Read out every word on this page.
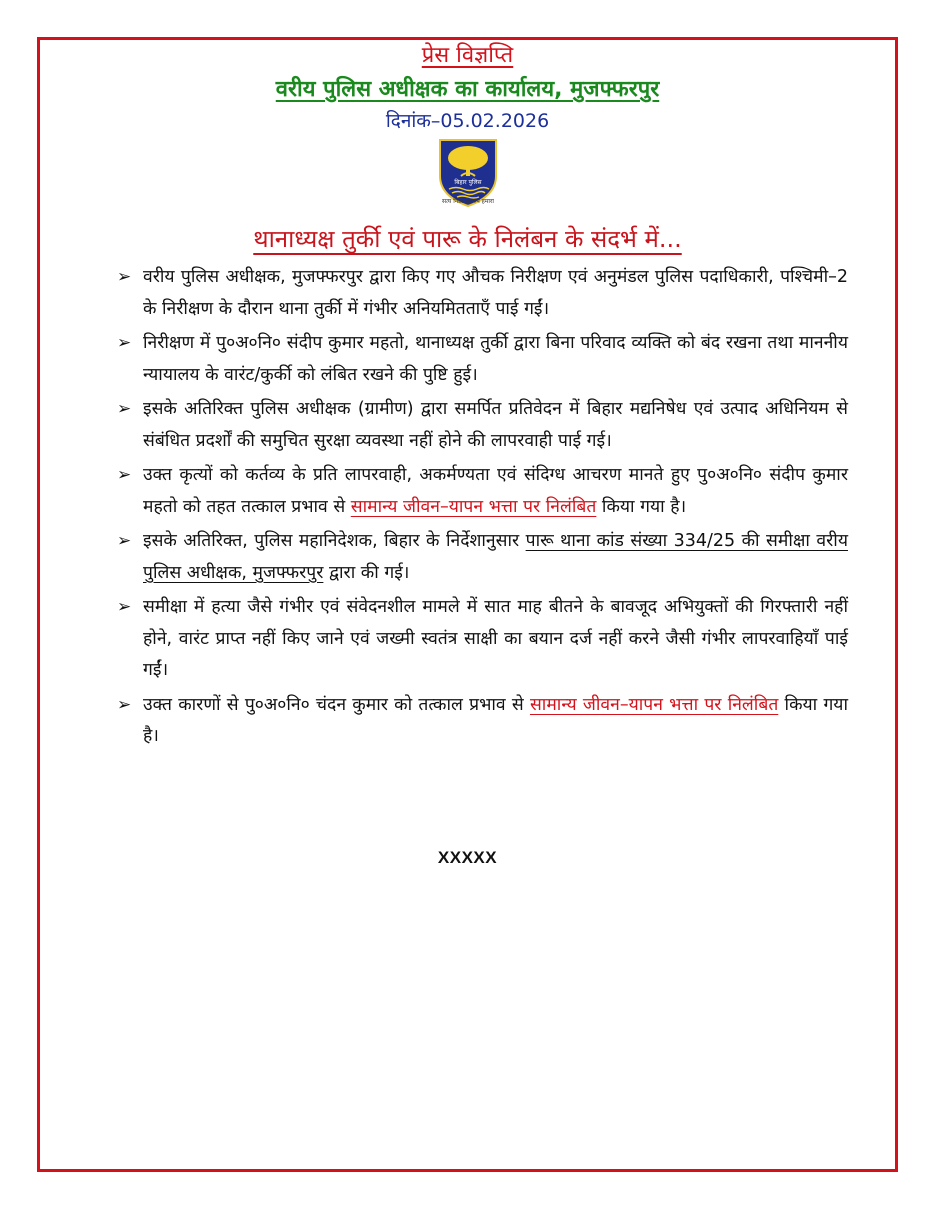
प्रेस विज्ञप्ति
वरीय पुलिस अधीक्षक का कार्यालय, मुजफ्फरपुर
दिनांक–05.02.2026
बिहार पुलिस
सत्य निष्ठा संकल्प हमारा
थानाध्यक्ष तुर्की एवं पारू के निलंबन के संदर्भ में...
➢ वरीय पुलिस अधीक्षक, मुजफ्फरपुर द्वारा किए गए औचक निरीक्षण एवं अनुमंडल पुलिस पदाधिकारी, पश्चिमी–2 के निरीक्षण के दौरान थाना तुर्की में गंभीर अनियमितताएँ पाई गईं।
➢ निरीक्षण में पु०अ०नि० संदीप कुमार महतो, थानाध्यक्ष तुर्की द्वारा बिना परिवाद व्यक्ति को बंद रखना तथा माननीय न्यायालय के वारंट/कुर्की को लंबित रखने की पुष्टि हुई।
➢ इसके अतिरिक्त पुलिस अधीक्षक (ग्रामीण) द्वारा समर्पित प्रतिवेदन में बिहार मद्यनिषेध एवं उत्पाद अधिनियम से संबंधित प्रदर्शों की समुचित सुरक्षा व्यवस्था नहीं होने की लापरवाही पाई गई।
➢ उक्त कृत्यों को कर्तव्य के प्रति लापरवाही, अकर्मण्यता एवं संदिग्ध आचरण मानते हुए पु०अ०नि० संदीप कुमार महतो को तहत तत्काल प्रभाव से सामान्य जीवन–यापन भत्ता पर निलंबित किया गया है।
➢ इसके अतिरिक्त, पुलिस महानिदेशक, बिहार के निर्देशानुसार पारू थाना कांड संख्या 334/25 की समीक्षा वरीय पुलिस अधीक्षक, मुजफ्फरपुर द्वारा की गई।
➢ समीक्षा में हत्या जैसे गंभीर एवं संवेदनशील मामले में सात माह बीतने के बावजूद अभियुक्तों की गिरफ्तारी नहीं होने, वारंट प्राप्त नहीं किए जाने एवं जख्मी स्वतंत्र साक्षी का बयान दर्ज नहीं करने जैसी गंभीर लापरवाहियाँ पाई गईं।
➢ उक्त कारणों से पु०अ०नि० चंदन कुमार को तत्काल प्रभाव से सामान्य जीवन–यापन भत्ता पर निलंबित किया गया है।
XXXXX
